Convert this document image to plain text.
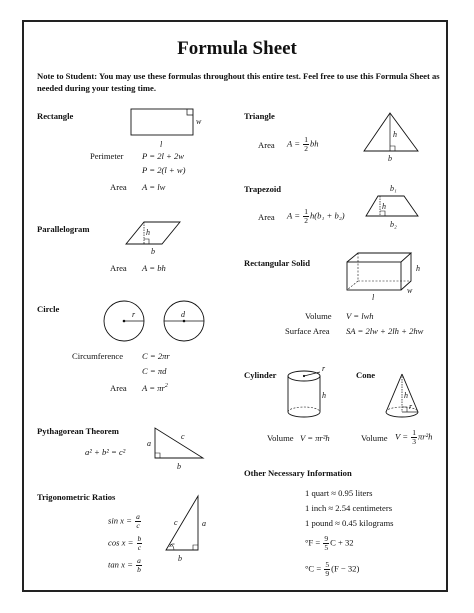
Formula Sheet
Note to Student: You may use these formulas throughout this entire test. Feel free to use this Formula Sheet as needed during your testing time.
Rectangle
w
l
Perimeter P = 2l + 2w
P = 2(l + w)
Area A = lw
Parallelogram	h
b
Area A = bh
Circle
r	d
Circumference C = 2πr
C = πd
Area $A = \pi r^2$
Pythagorean Theorem
a² + b² = c²
a
c
b
Trigonometric Ratios
$\sin x = \frac{a}{c}$
$\cos x = \frac{b}{c}$
$\tan x = \frac{a}{b}$
a
c
b
x°
Triangle
h
b
Area $A = \frac{1}{2}$ bh
Trapezoid	b₁
h
b₂
Area $A = \frac{1}{2} h(b_1 + b_2)$
Rectangular Solid
h
l
w
Volume V = lwh
Surface Area SA = 2lw + 2lh + 2hw
Cylinder
r
h
Volume V = πr²h
Cone
h
r
Volume $V = \frac{1}{3} \pi r^2h$
Other Necessary Information
1 quart ≈ 0.95 liters
1 inch ≈ 2.54 centimeters
1 pound ≈ 0.45 kilograms
$^\circ F = \frac{9}{5}$ C + 32
$^\circ C = \frac{5}{9} (F - 32)$
